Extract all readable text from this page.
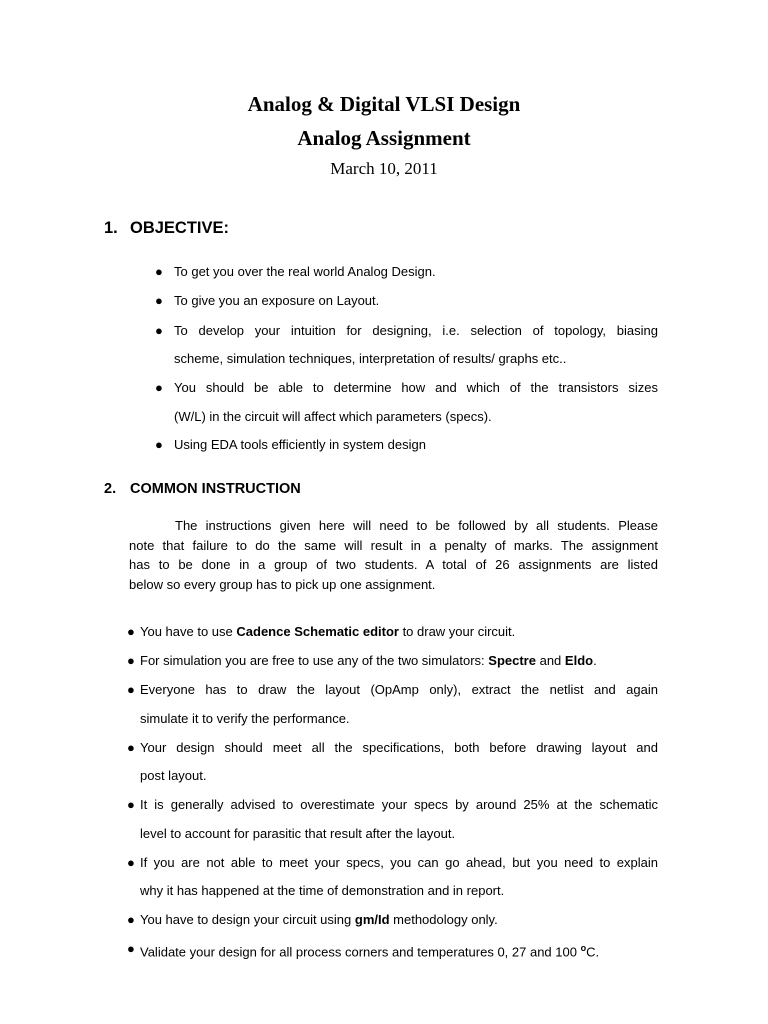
Analog & Digital VLSI Design
Analog Assignment
March 10, 2011
1. OBJECTIVE:
● To get you over the real world Analog Design.
● To give you an exposure on Layout.
● To develop your intuition for designing, i.e. selection of topology, biasing
scheme, simulation techniques, interpretation of results/ graphs etc..
● You should be able to determine how and which of the transistors sizes
(W/L) in the circuit will affect which parameters (specs).
● Using EDA tools efficiently in system design
2. COMMON INSTRUCTION
The instructions given here will need to be followed by all students. Please
note that failure to do the same will result in a penalty of marks. The assignment
has to be done in a group of two students. A total of 26 assignments are listed
below so every group has to pick up one assignment.
● You have to use Cadence Schematic editor to draw your circuit.
● For simulation you are free to use any of the two simulators: Spectre and Eldo.
● Everyone has to draw the layout (OpAmp only), extract the netlist and again
simulate it to verify the performance.
● Your design should meet all the specifications, both before drawing layout and
post layout.
● It is generally advised to overestimate your specs by around 25% at the schematic
level to account for parasitic that result after the layout.
● If you are not able to meet your specs, you can go ahead, but you need to explain
why it has happened at the time of demonstration and in report.
● You have to design your circuit using gm/Id methodology only.
● Validate your design for all process corners and temperatures 0, 27 and 100 $^o$C.
